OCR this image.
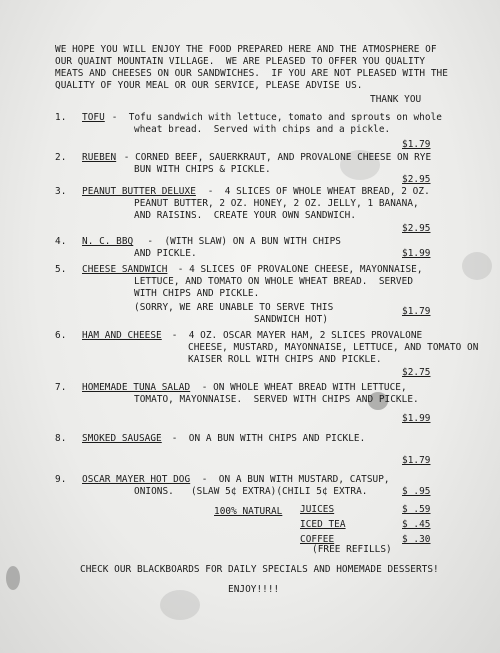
WE HOPE YOU WILL ENJOY THE FOOD PREPARED HERE AND THE ATMOSPHERE OF
OUR QUAINT MOUNTAIN VILLAGE.  WE ARE PLEASED TO OFFER YOU QUALITY
MEATS AND CHEESES ON OUR SANDWICHES.  IF YOU ARE NOT PLEASED WITH THE
QUALITY OF YOUR MEAL OR OUR SERVICE, PLEASE ADVISE US.
THANK YOU
1. TOFU -  Tofu sandwich with lettuce, tomato and sprouts on whole
wheat bread.  Served with chips and a pickle.
$1.79
2. RUEBEN - CORNED BEEF, SAUERKRAUT, AND PROVALONE CHEESE ON RYE
BUN WITH CHIPS & PICKLE.
$2.95
3. PEANUT BUTTER DELUXE -  4 SLICES OF WHOLE WHEAT BREAD, 2 OZ.
PEANUT BUTTER, 2 OZ. HONEY, 2 OZ. JELLY, 1 BANANA,
AND RAISINS.  CREATE YOUR OWN SANDWICH.
$2.95
4. N. C. BBQ -  (WITH SLAW) ON A BUN WITH CHIPS
AND PICKLE.	$1.99
5. CHEESE SANDWICH - 4 SLICES OF PROVALONE CHEESE, MAYONNAISE,
LETTUCE, AND TOMATO ON WHOLE WHEAT BREAD.  SERVED
WITH CHIPS AND PICKLE.
(SORRY, WE ARE UNABLE TO SERVE THIS
SANDWICH HOT)
$1.79
6. HAM AND CHEESE -  4 OZ. OSCAR MAYER HAM, 2 SLICES PROVALONE
CHEESE, MUSTARD, MAYONNAISE, LETTUCE, AND TOMATO ON
KAISER ROLL WITH CHIPS AND PICKLE.
$2.75
7. HOMEMADE TUNA SALAD - ON WHOLE WHEAT BREAD WITH LETTUCE,
TOMATO, MAYONNAISE.  SERVED WITH CHIPS AND PICKLE.
$1.99
8. SMOKED SAUSAGE -  ON A BUN WITH CHIPS AND PICKLE.
$1.79
9. OSCAR MAYER HOT DOG -  ON A BUN WITH MUSTARD, CATSUP,
ONIONS.   (SLAW 5¢ EXTRA)(CHILI 5¢ EXTRA.	$ .95
100% NATURAL JUICES	$ .59
ICED TEA	$ .45
COFFEE	$ .30
(FREE REFILLS)
CHECK OUR BLACKBOARDS FOR DAILY SPECIALS AND HOMEMADE DESSERTS!
ENJOY!!!!
